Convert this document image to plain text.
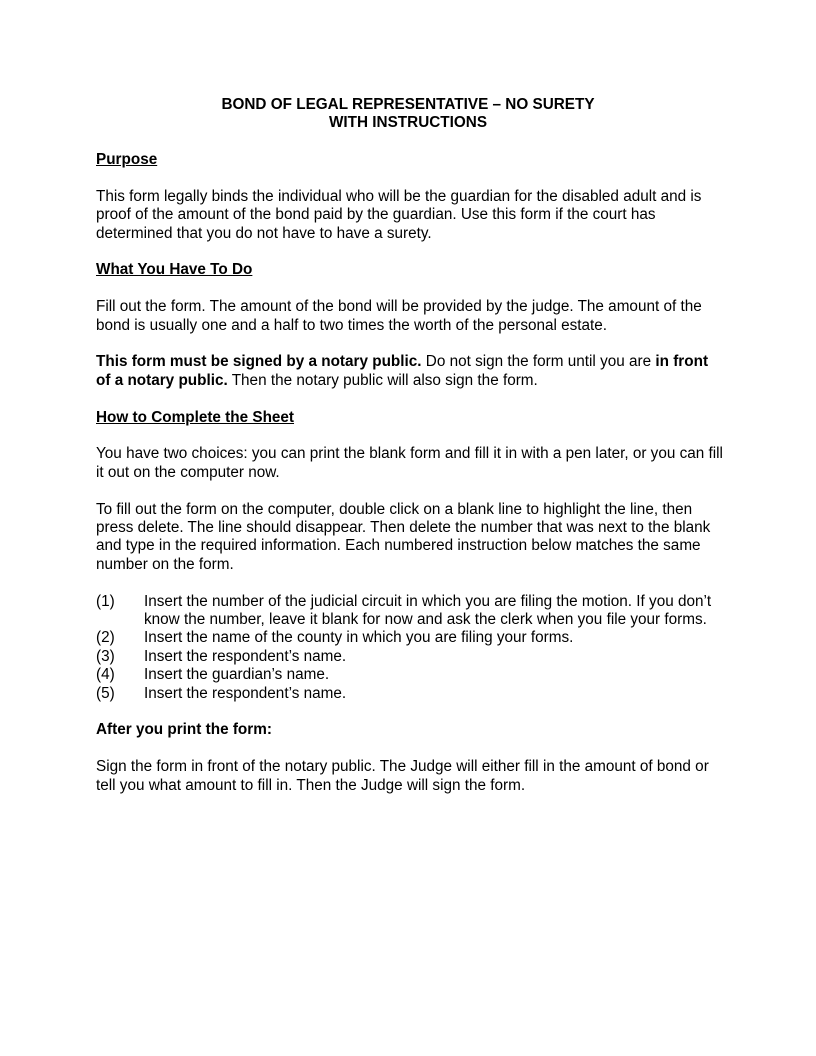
BOND OF LEGAL REPRESENTATIVE – NO SURETY
WITH INSTRUCTIONS

Purpose

This form legally binds the individual who will be the guardian for the disabled adult and is proof of the amount of the bond paid by the guardian. Use this form if the court has determined that you do not have to have a surety.

What You Have To Do

Fill out the form. The amount of the bond will be provided by the judge. The amount of the bond is usually one and a half to two times the worth of the personal estate.

This form must be signed by a notary public. Do not sign the form until you are in front of a notary public. Then the notary public will also sign the form.

How to Complete the Sheet

You have two choices: you can print the blank form and fill it in with a pen later, or you can fill it out on the computer now.

To fill out the form on the computer, double click on a blank line to highlight the line, then press delete. The line should disappear. Then delete the number that was next to the blank and type in the required information. Each numbered instruction below matches the same number on the form.

(1)	Insert the number of the judicial circuit in which you are filing the motion. If you don’t know the number, leave it blank for now and ask the clerk when you file your forms.
(2)	Insert the name of the county in which you are filing your forms.
(3)	Insert the respondent’s name.
(4)	Insert the guardian’s name.
(5)	Insert the respondent’s name.

After you print the form:

Sign the form in front of the notary public. The Judge will either fill in the amount of bond or tell you what amount to fill in. Then the Judge will sign the form.
